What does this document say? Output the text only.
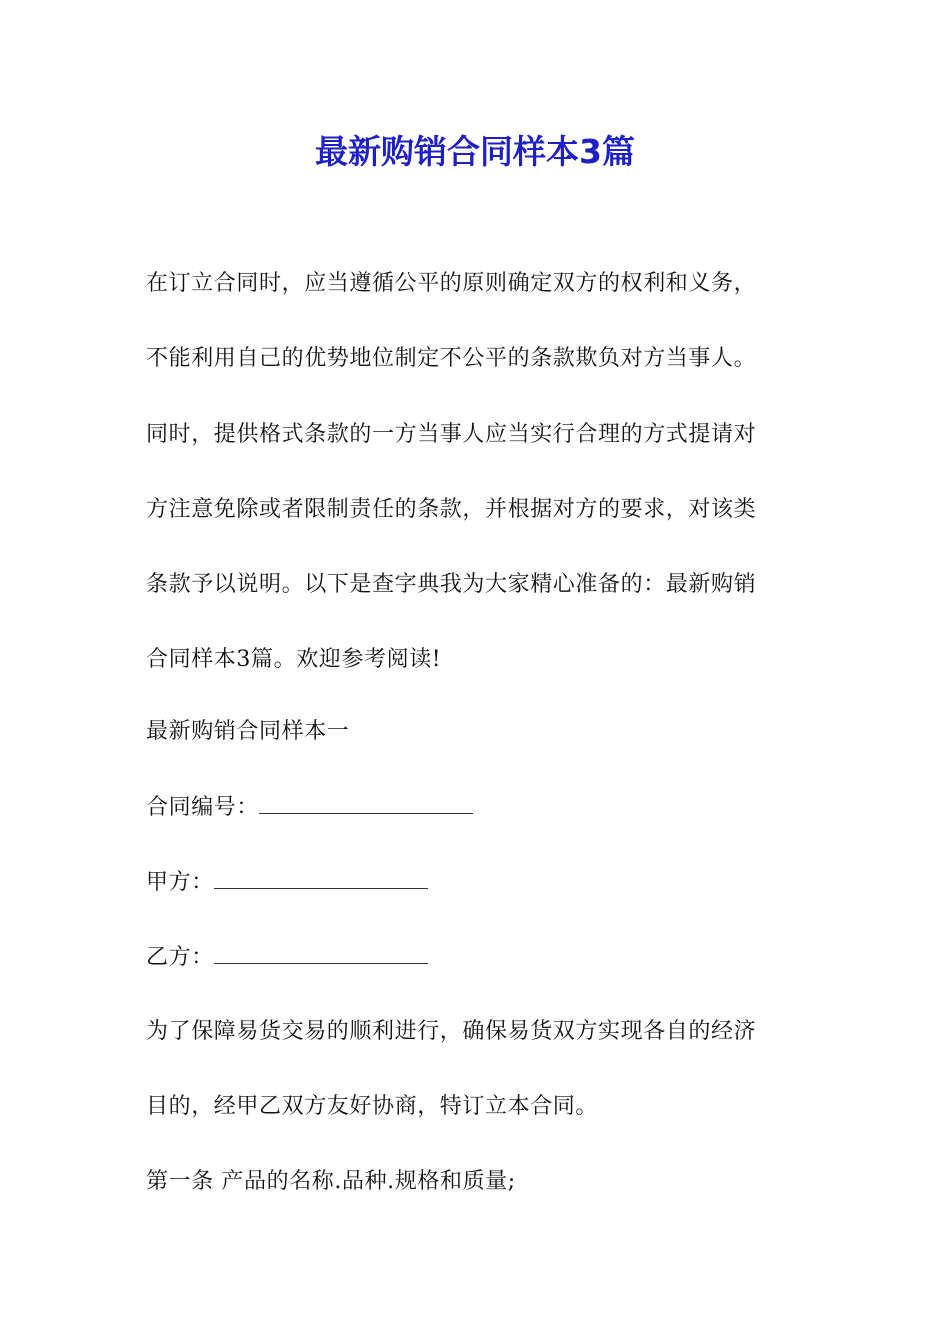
最新购销合同样本3篇
在订立合同时，应当遵循公平的原则确定双方的权利和义务，
不能利用自己的优势地位制定不公平的条款欺负对方当事人。
同时，提供格式条款的一方当事人应当实行合理的方式提请对
方注意免除或者限制责任的条款，并根据对方的要求，对该类
条款予以说明。以下是查字典我为大家精心准备的：最新购销
合同样本3篇。欢迎参考阅读!
最新购销合同样本一
合同编号：
甲方：
乙方：
为了保障易货交易的顺利进行，确保易货双方实现各自的经济
目的，经甲乙双方友好协商，特订立本合同。
第一条 产品的名称.品种.规格和质量;
